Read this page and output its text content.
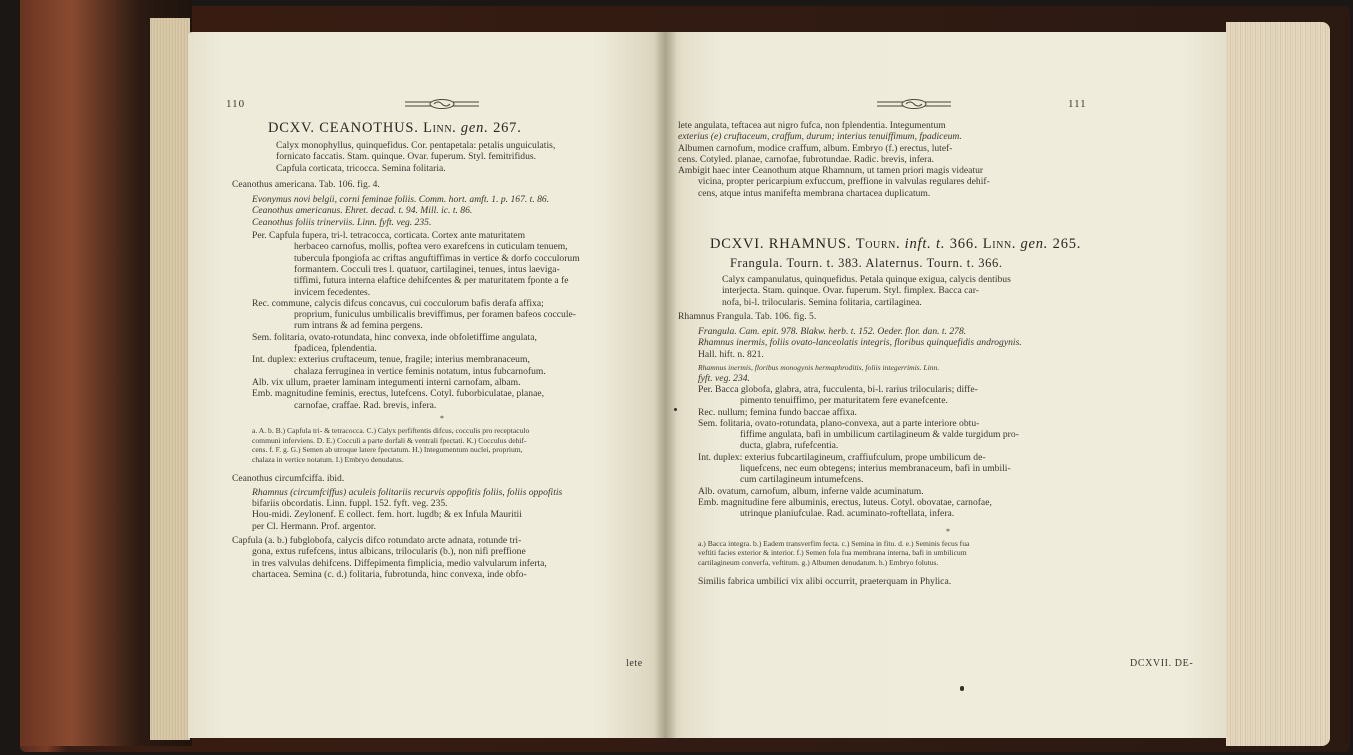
110
DCXV. CEANOTHUS. Linn. gen. 267.
Calyx monophyllus, quinquefidus. Cor. pentapetala: petalis unguiculatis,
fornicato faccatis. Stam. quinque. Ovar. fuperum. Styl. femitrifidus.
Capfula corticata, tricocca. Semina folitaria.
Ceanothus americana. Tab. 106. fig. 4.
Evonymus novi belgii, corni feminae foliis. Comm. hort. amft. 1. p. 167. t. 86.
Ceanothus americanus. Ehret. decad. t. 94. Mill. ic. t. 86.
Ceanothus foliis trinerviis. Linn. fyft. veg. 235.
Per. Capfula fupera, tri-l. tetracocca, corticata. Cortex ante maturitatem
herbaceo carnofus, mollis, poftea vero exarefcens in cuticulam tenuem,
tubercula fpongiofa ac criftas anguftiffimas in vertice & dorfo cocculorum
formantem. Cocculi tres l. quatuor, cartilaginei, tenues, intus laeviga-
tiffimi, futura interna elaftice dehifcentes & per maturitatem fponte a fe
invicem fecedentes.
Rec. commune, calycis difcus concavus, cui cocculorum bafis derafa affixa;
proprium, funiculus umbilicalis breviffimus, per foramen bafeos coccule-
rum intrans & ad femina pergens.
Sem. folitaria, ovato-rotundata, hinc convexa, inde obfoletiffime angulata,
fpadicea, fplendentia.
Int. duplex: exterius cruftaceum, tenue, fragile; interius membranaceum,
chalaza ferruginea in vertice feminis notatum, intus fubcarnofum.
Alb. vix ullum, praeter laminam integumenti interni carnofam, albam.
Emb. magnitudine feminis, erectus, lutefcens. Cotyl. fuborbiculatae, planae,
carnofae, craffae. Rad. brevis, infera.
*
a. A. b. B.) Capfula tri- & tetracocca. C.) Calyx perfiftentis difcus, cocculis pro receptaculo
communi inferviens. D. E.) Cocculi a parte dorfali & ventrali fpectati. K.) Cocculus dehif-
cens. f. F. g. G.) Semen ab utroque latere fpectatum. H.) Integumentum nuclei, proprium,
chalaza in vertice notatum. I.) Embryo denudatus.
Ceanothus circumfciffa. ibid.
Rhamnus (circumfciffus) aculeis folitariis recurvis oppofitis foliis, foliis oppofitis
bifariis obcordatis. Linn. fuppl. 152. fyft. veg. 235.
Hou-midi. Zeylonenf. E collect. fem. hort. lugdb; & ex Infula Mauritii
per Cl. Hermann. Prof. argentor.
Capfula (a. b.) fubglobofa, calycis difco rotundato arcte adnata, rotunde tri-
gona, extus rufefcens, intus albicans, trilocularis (b.), non nifi preffione
in tres valvulas dehifcens. Diffepimenta fimplicia, medio valvularum inferta,
chartacea. Semina (c. d.) folitaria, fubrotunda, hinc convexa, inde obfo-
lete
111
lete angulata, teftacea aut nigro fufca, non fplendentia. Integumentum
exterius (e) cruftaceum, craffum, durum; interius tenuiffimum, fpadiceum.
Albumen carnofum, modice craffum, album. Embryo (f.) erectus, lutef-
cens. Cotyled. planae, carnofae, fubrotundae. Radic. brevis, infera.
Ambigit haec inter Ceanothum atque Rhamnum, ut tamen priori magis videatur
vicina, propter pericarpium exfuccum, preffione in valvulas regulares dehif-
cens, atque intus manifefta membrana chartacea duplicatum.
DCXVI. RHAMNUS. Tourn. inft. t. 366. Linn. gen. 265.
Frangula. Tourn. t. 383. Alaternus. Tourn. t. 366.
Calyx campanulatus, quinquefidus. Petala quinque exigua, calycis dentibus
interjecta. Stam. quinque. Ovar. fuperum. Styl. fimplex. Bacca car-
nofa, bi-l. trilocularis. Semina folitaria, cartilaginea.
Rhamnus Frangula. Tab. 106. fig. 5.
Frangula. Cam. epit. 978. Blakw. herb. t. 152. Oeder. flor. dan. t. 278.
Rhamnus inermis, foliis ovato-lanceolatis integris, floribus quinquefidis androgynis.
Hall. hift. n. 821.
Rhamnus inermis, floribus monogynis hermaphroditis, foliis integerrimis. Linn.
fyft. veg. 234.
Per. Bacca globofa, glabra, atra, fucculenta, bi-l. rarius trilocularis; diffe-
pimento tenuiffimo, per maturitatem fere evanefcente.
Rec. nullum; femina fundo baccae affixa.
Sem. folitaria, ovato-rotundata, plano-convexa, aut a parte interiore obtu-
fiffime angulata, bafi in umbilicum cartilagineum & valde turgidum pro-
ducta, glabra, rufefcentia.
Int. duplex: exterius fubcartilagineum, craffiufculum, prope umbilicum de-
liquefcens, nec eum obtegens; interius membranaceum, bafi in umbili-
cum cartilagineum intumefcens.
Alb. ovatum, carnofum, album, inferne valde acuminatum.
Emb. magnitudine fere albuminis, erectus, luteus. Cotyl. obovatae, carnofae,
utrinque planiufculae. Rad. acuminato-roftellata, infera.
*
a.) Bacca integra. b.) Eadem transverfim fecta. c.) Semina in fitu. d. e.) Seminis fecus fua
veftiti facies exterior & interior. f.) Semen fola fua membrana interna, bafi in umbilicum
cartilagineum converfa, veftitum. g.) Albumen denudatum. h.) Embryo folutus.
Similis fabrica umbilici vix alibi occurrit, praeterquam in Phylica.
DCXVII. DE-
